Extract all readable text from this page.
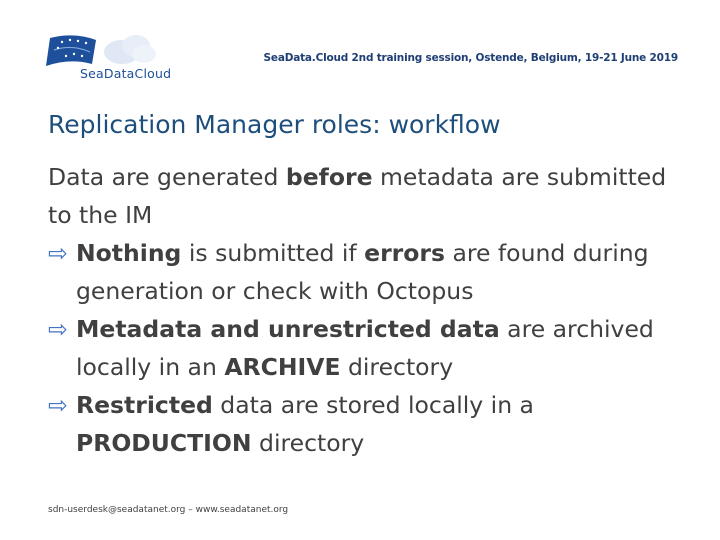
SeaDataCloud
SeaData.Cloud 2nd training session, Ostende, Belgium, 19-21 June 2019
Replication Manager roles: workflow

Data are generated before metadata are submitted to the IM

⇨ Nothing is submitted if errors are found during generation or check with Octopus
⇨ Metadata and unrestricted data are archived locally in an ARCHIVE directory
⇨ Restricted data are stored locally in a PRODUCTION directory
sdn-userdesk@seadatanet.org – www.seadatanet.org
